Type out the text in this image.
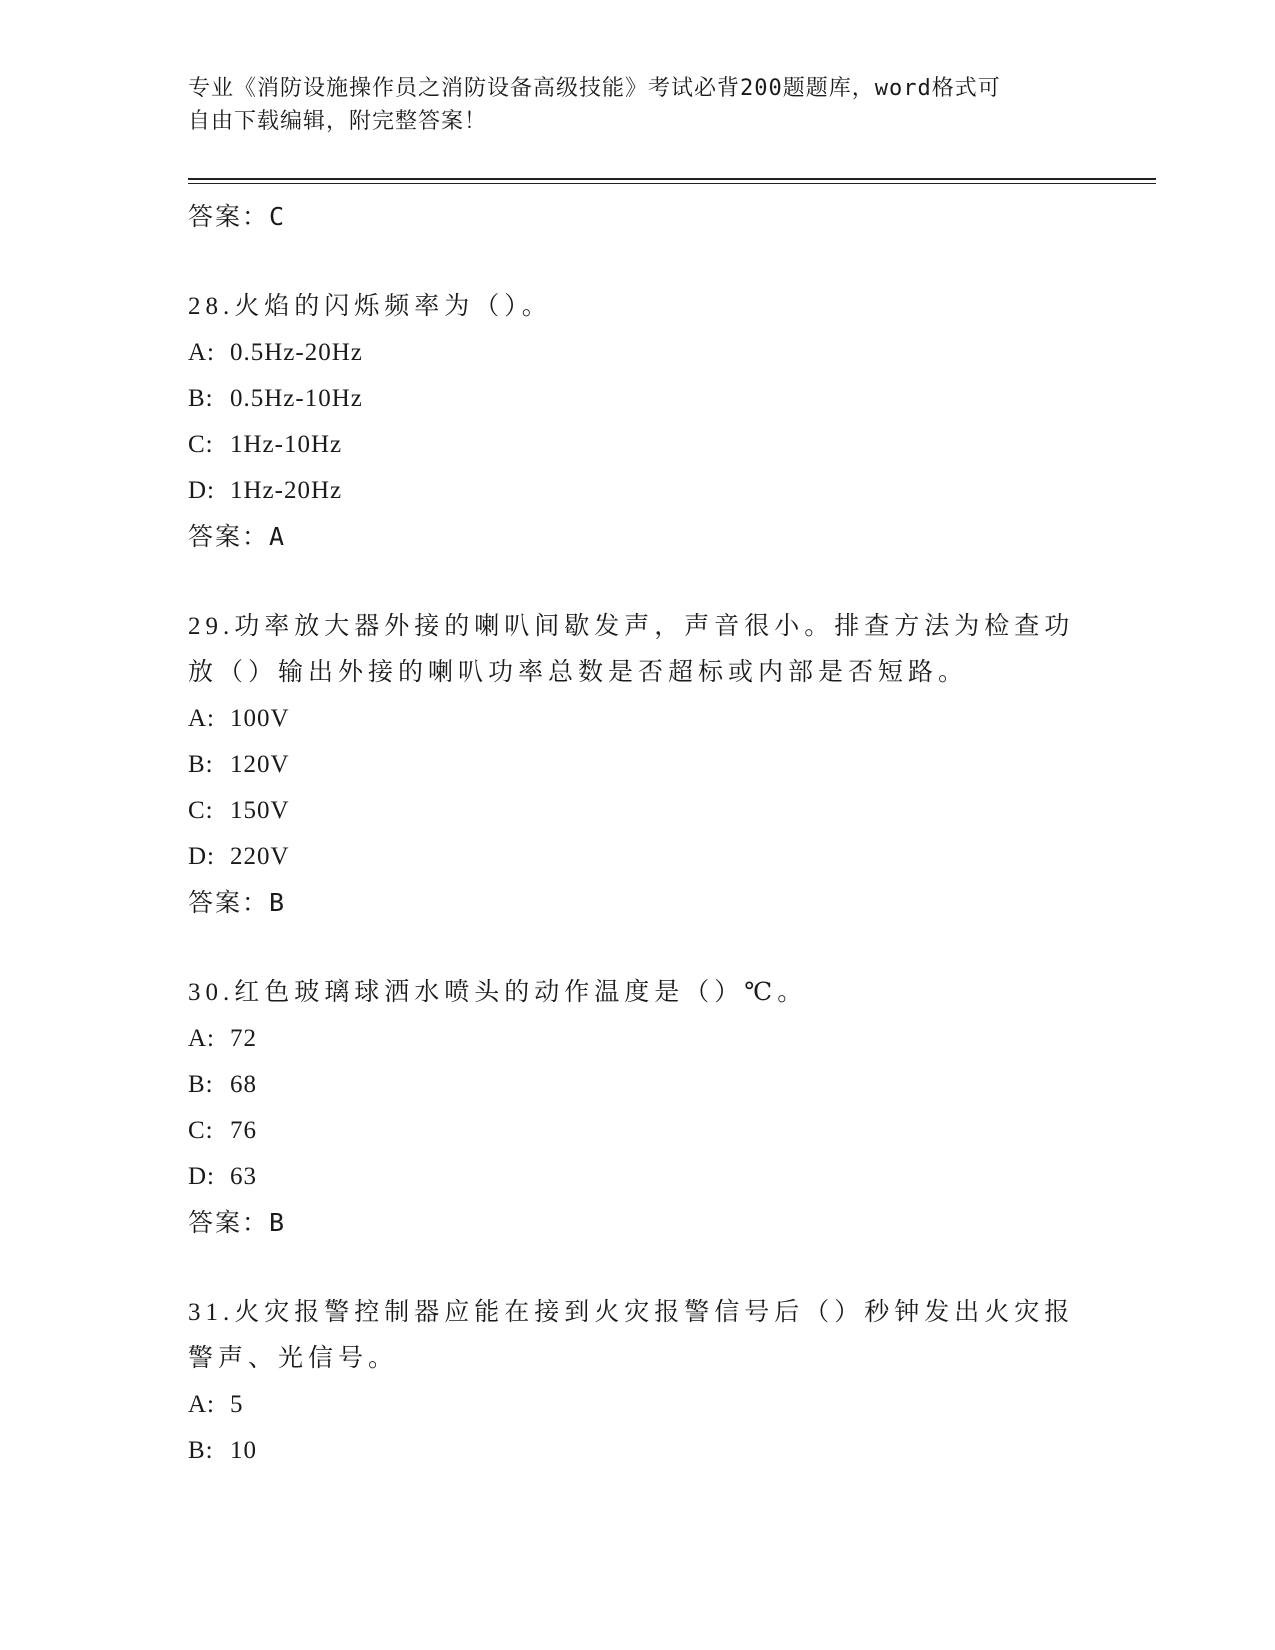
专业《消防设施操作员之消防设备高级技能》考试必背200题题库，word格式可
自由下载编辑，附完整答案！

答案：C
28.火焰的闪烁频率为（）。
A: 0.5Hz-20Hz
B: 0.5Hz-10Hz
C: 1Hz-10Hz
D: 1Hz-20Hz
答案：A
29.功率放大器外接的喇叭间歇发声，声音很小。排查方法为检查功放（）输出外接的喇叭功率总数是否超标或内部是否短路。
A: 100V
B: 120V
C: 150V
D: 220V
答案：B
30.红色玻璃球洒水喷头的动作温度是（）℃。
A: 72
B: 68
C: 76
D: 63
答案：B
31.火灾报警控制器应能在接到火灾报警信号后（）秒钟发出火灾报警声、光信号。
A: 5
B: 10
